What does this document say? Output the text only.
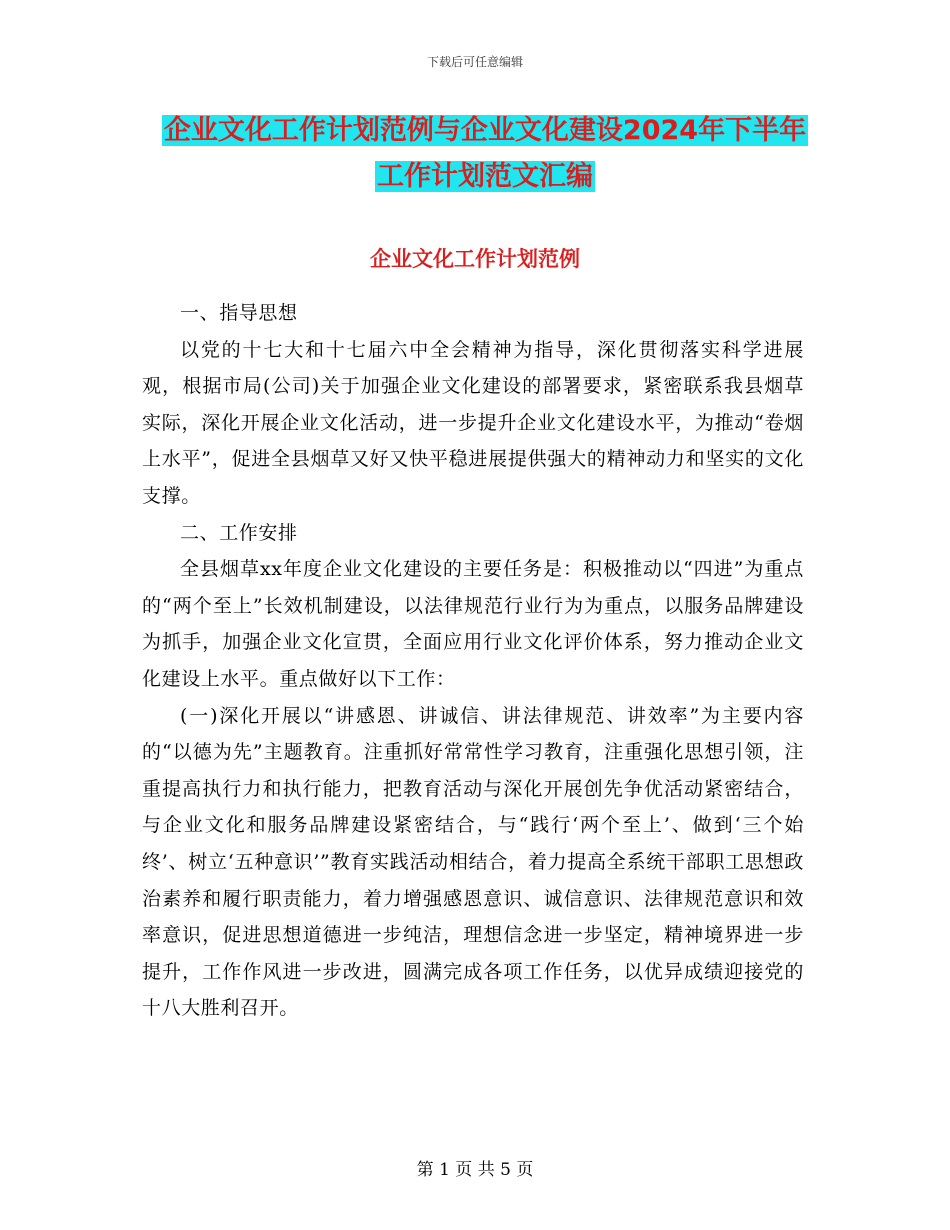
下载后可任意编辑
企业文化工作计划范例与企业文化建设2024年下半年
工作计划范文汇编
企业文化工作计划范例

一、指导思想

以党的十七大和十七届六中全会精神为指导，深化贯彻落实科学进展观，根据市局(公司)关于加强企业文化建设的部署要求，紧密联系我县烟草实际，深化开展企业文化活动，进一步提升企业文化建设水平，为推动“卷烟上水平”，促进全县烟草又好又快平稳进展提供强大的精神动力和坚实的文化支撑。

二、工作安排

全县烟草xx年度企业文化建设的主要任务是：积极推动以“四进”为重点的“两个至上”长效机制建设，以法律规范行业行为为重点，以服务品牌建设为抓手，加强企业文化宣贯，全面应用行业文化评价体系，努力推动企业文化建设上水平。重点做好以下工作：

(一)深化开展以“讲感恩、讲诚信、讲法律规范、讲效率”为主要内容的“以德为先”主题教育。注重抓好常常性学习教育，注重强化思想引领，注重提高执行力和执行能力，把教育活动与深化开展创先争优活动紧密结合，与企业文化和服务品牌建设紧密结合，与“践行‘两个至上’、做到‘三个始终’、树立‘五种意识’”教育实践活动相结合，着力提高全系统干部职工思想政治素养和履行职责能力，着力增强感恩意识、诚信意识、法律规范意识和效率意识，促进思想道德进一步纯洁，理想信念进一步坚定，精神境界进一步提升，工作作风进一步改进，圆满完成各项工作任务，以优异成绩迎接党的十八大胜利召开。

第 1 页 共 5 页
